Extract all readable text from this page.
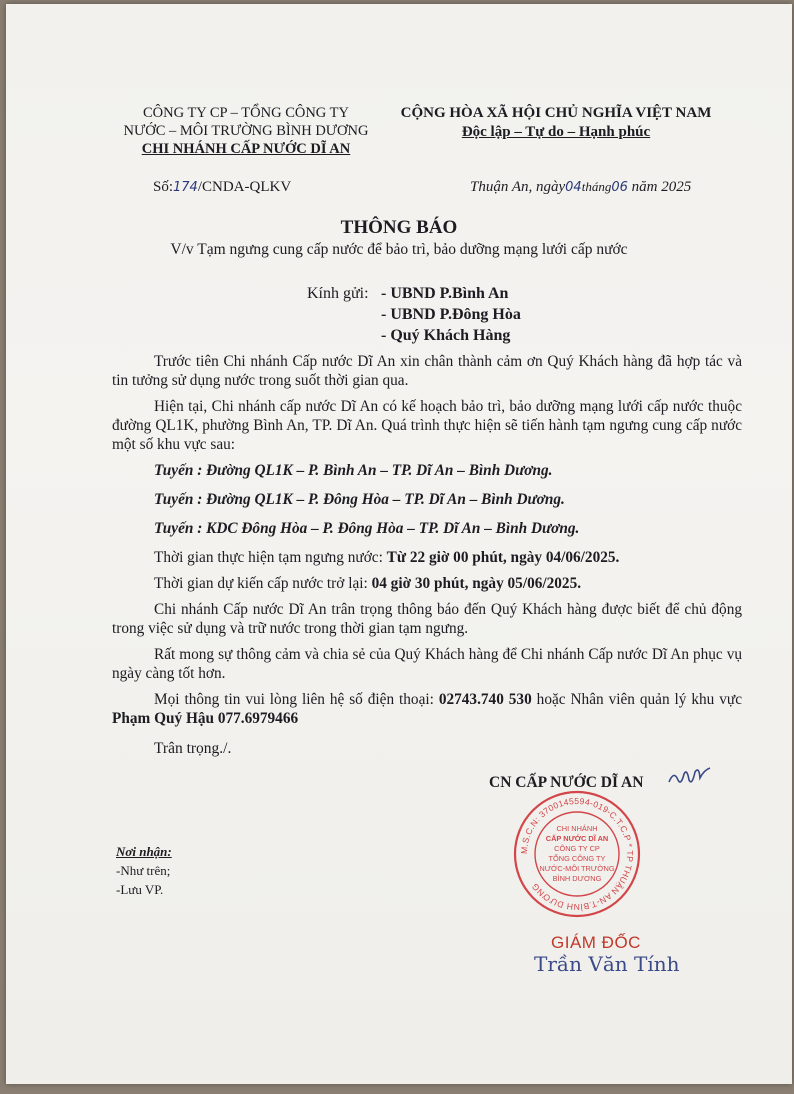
CÔNG TY CP – TỔNG CÔNG TY
NƯỚC – MÔI TRƯỜNG BÌNH DƯƠNG
CHI NHÁNH CẤP NƯỚC DĨ AN
CỘNG HÒA XÃ HỘI CHỦ NGHĨA VIỆT NAM
Độc lập – Tự do – Hạnh phúc
Số:174/CNDA-QLKV	Thuận An, ngày04tháng06 năm 2025
THÔNG BÁO
V/v Tạm ngưng cung cấp nước để bảo trì, bảo dưỡng mạng lưới cấp nước
Kính gửi: - UBND P.Bình An
- UBND P.Đông Hòa
- Quý Khách Hàng

Trước tiên Chi nhánh Cấp nước Dĩ An xin chân thành cảm ơn Quý Khách hàng đã hợp tác và tin tưởng sử dụng nước trong suốt thời gian qua.

Hiện tại, Chi nhánh cấp nước Dĩ An có kế hoạch bảo trì, bảo dưỡng mạng lưới cấp nước thuộc đường QL1K, phường Bình An, TP. Dĩ An. Quá trình thực hiện sẽ tiến hành tạm ngưng cung cấp nước một số khu vực sau:

Tuyến : Đường QL1K – P. Bình An – TP. Dĩ An – Bình Dương.

Tuyến : Đường QL1K – P. Đông Hòa – TP. Dĩ An – Bình Dương.

Tuyến : KDC Đông Hòa – P. Đông Hòa – TP. Dĩ An – Bình Dương.

Thời gian thực hiện tạm ngưng nước: Từ 22 giờ 00 phút, ngày 04/06/2025.

Thời gian dự kiến cấp nước trở lại: 04 giờ 30 phút, ngày 05/06/2025.

Chi nhánh Cấp nước Dĩ An trân trọng thông báo đến Quý Khách hàng được biết để chủ động trong việc sử dụng và trữ nước trong thời gian tạm ngưng.

Rất mong sự thông cảm và chia sẻ của Quý Khách hàng để Chi nhánh Cấp nước Dĩ An phục vụ ngày càng tốt hơn.

Mọi thông tin vui lòng liên hệ số điện thoại: 02743.740 530 hoặc Nhân viên quản lý khu vực Phạm Quý Hậu 077.6979466

Trân trọng./.
CN CẤP NƯỚC DĨ AN
Nơi nhận:
-Như trên;
-Lưu VP.
M.S.C.N: 3700145594-019-C.T.C.P * TP THUẬN AN-T.BÌNH DƯƠNG
CHI NHÁNH
CẤP NƯỚC DĨ AN
CÔNG TY CP
TỔNG CÔNG TY
NƯỚC-MÔI TRƯỜNG
BÌNH DƯƠNG
GIÁM ĐỐC
Trần Văn Tính
